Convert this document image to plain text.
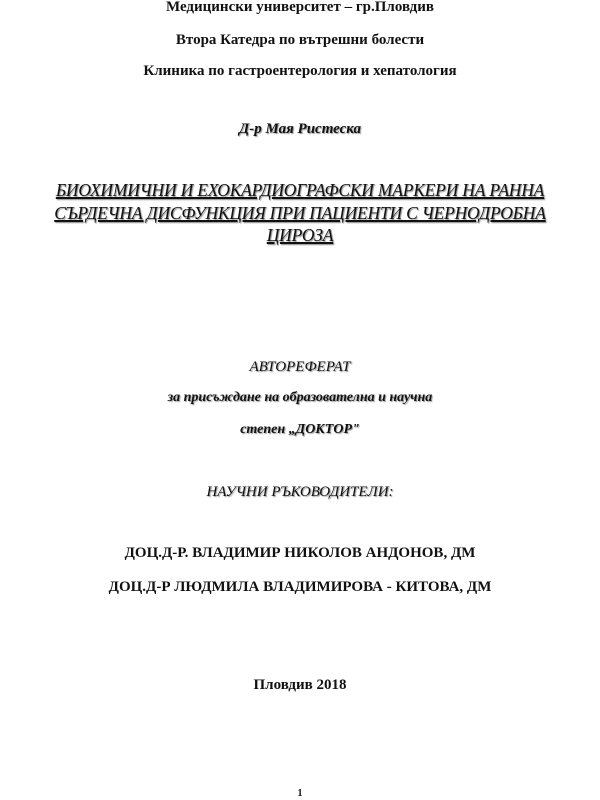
Медицински университет – гр.Пловдив
Втора Катедра по вътрешни болести
Клиника по гастроентерология и хепатология
Д-р Мая Ристеска
БИОХИМИЧНИ И ЕХОКАРДИОГРАФСКИ МАРКЕРИ НА РАННА
СЪРДЕЧНА ДИСФУНКЦИЯ ПРИ ПАЦИЕНТИ С ЧЕРНОДРОБНА
ЦИРОЗА
АВТОРЕФЕРАТ
за присъждане на образователна и научна
степен „ДОКТОР"
НАУЧНИ РЪКОВОДИТЕЛИ:
ДОЦ.Д-Р. ВЛАДИМИР НИКОЛОВ АНДОНОВ, ДМ
ДОЦ.Д-Р ЛЮДМИЛА ВЛАДИМИРОВА - КИТОВА, ДМ
Пловдив 2018
1
